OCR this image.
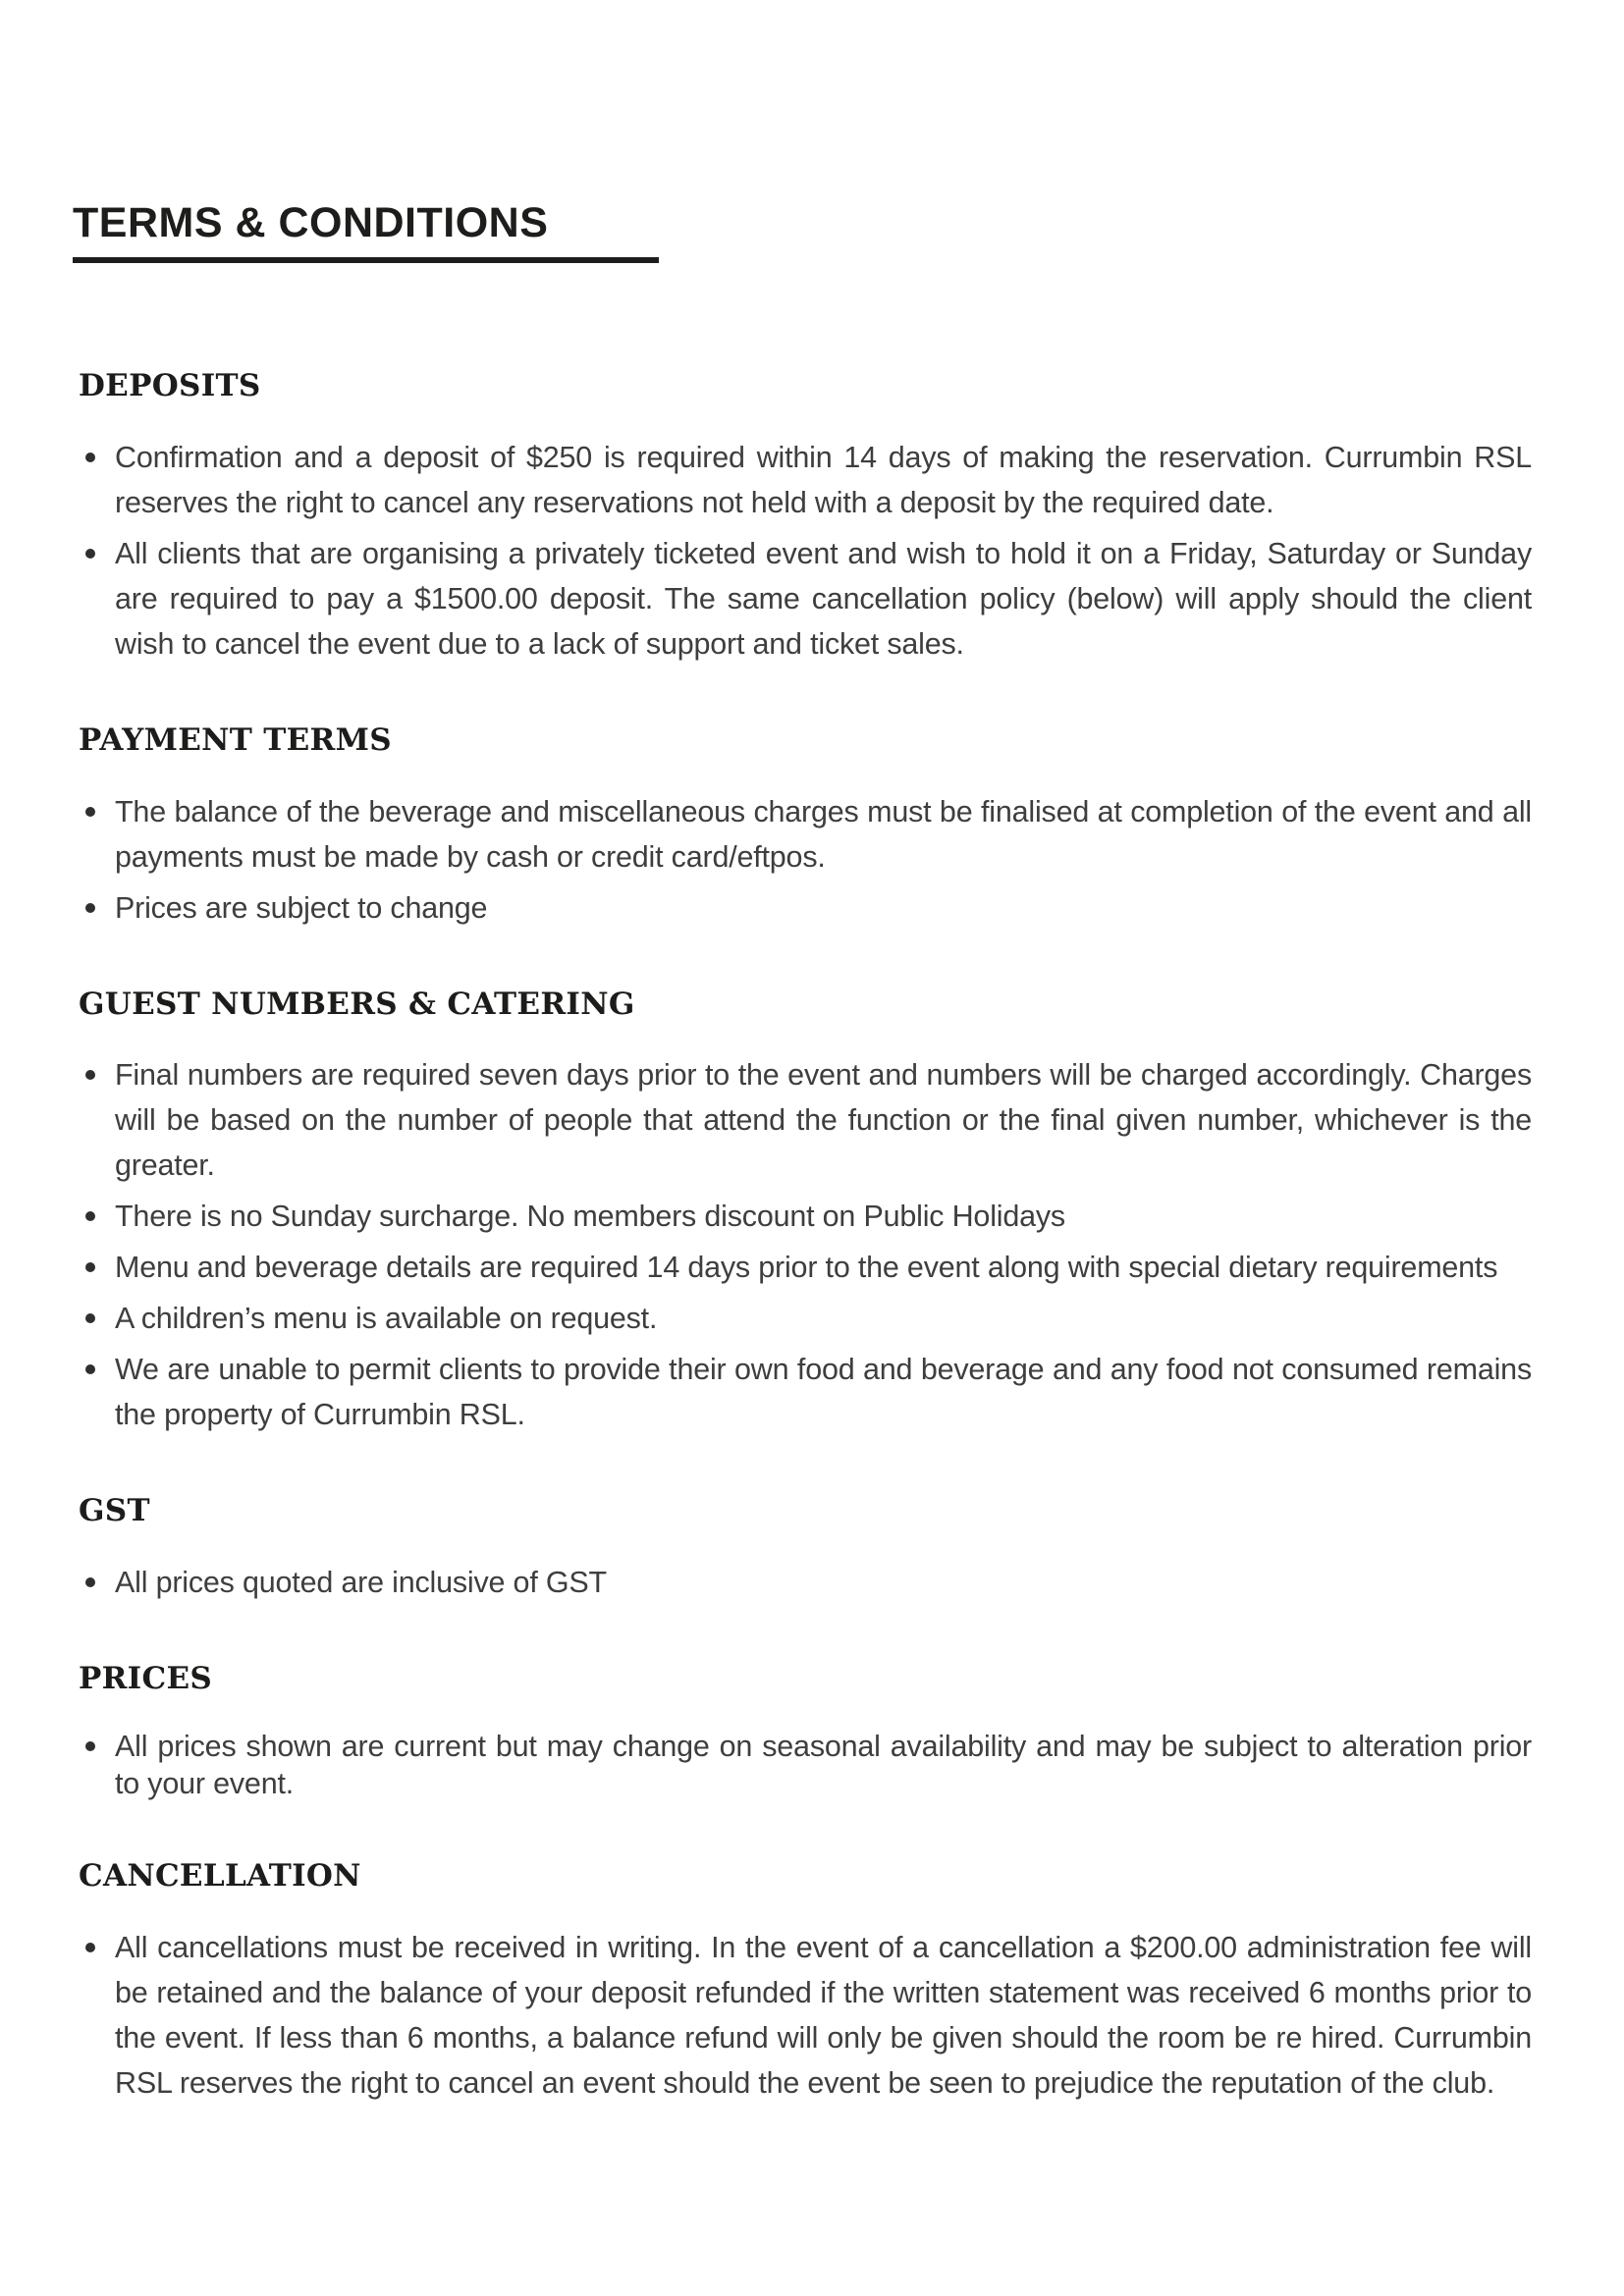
TERMS & CONDITIONS
DEPOSITS
Confirmation and a deposit of $250 is required within 14 days of making the reservation. Currumbin RSL reserves the right to cancel any reservations not held with a deposit by the required date.
All clients that are organising a privately ticketed event and wish to hold it on a Friday, Saturday or Sunday are required to pay a $1500.00 deposit. The same cancellation policy (below) will apply should the client wish to cancel the event due to a lack of support and ticket sales.
PAYMENT TERMS
The balance of the beverage and miscellaneous charges must be finalised at completion of the event and all payments must be made by cash or credit card/eftpos.
Prices are subject to change
GUEST NUMBERS & CATERING
Final numbers are required seven days prior to the event and numbers will be charged accordingly. Charges will be based on the number of people that attend the function or the final given number, whichever is the greater.
There is no Sunday surcharge. No members discount on Public Holidays
Menu and beverage details are required 14 days prior to the event along with special dietary requirements
A children’s menu is available on request.
We are unable to permit clients to provide their own food and beverage and any food not consumed remains the property of Currumbin RSL.
GST
All prices quoted are inclusive of GST
PRICES
All prices shown are current but may change on seasonal availability and may be subject to alteration prior to your event.
CANCELLATION
All cancellations must be received in writing. In the event of a cancellation a $200.00 administration fee will be retained and the balance of your deposit refunded if the written statement was received 6 months prior to the event. If less than 6 months, a balance refund will only be given should the room be re hired. Currumbin RSL reserves the right to cancel an event should the event be seen to prejudice the reputation of the club.
